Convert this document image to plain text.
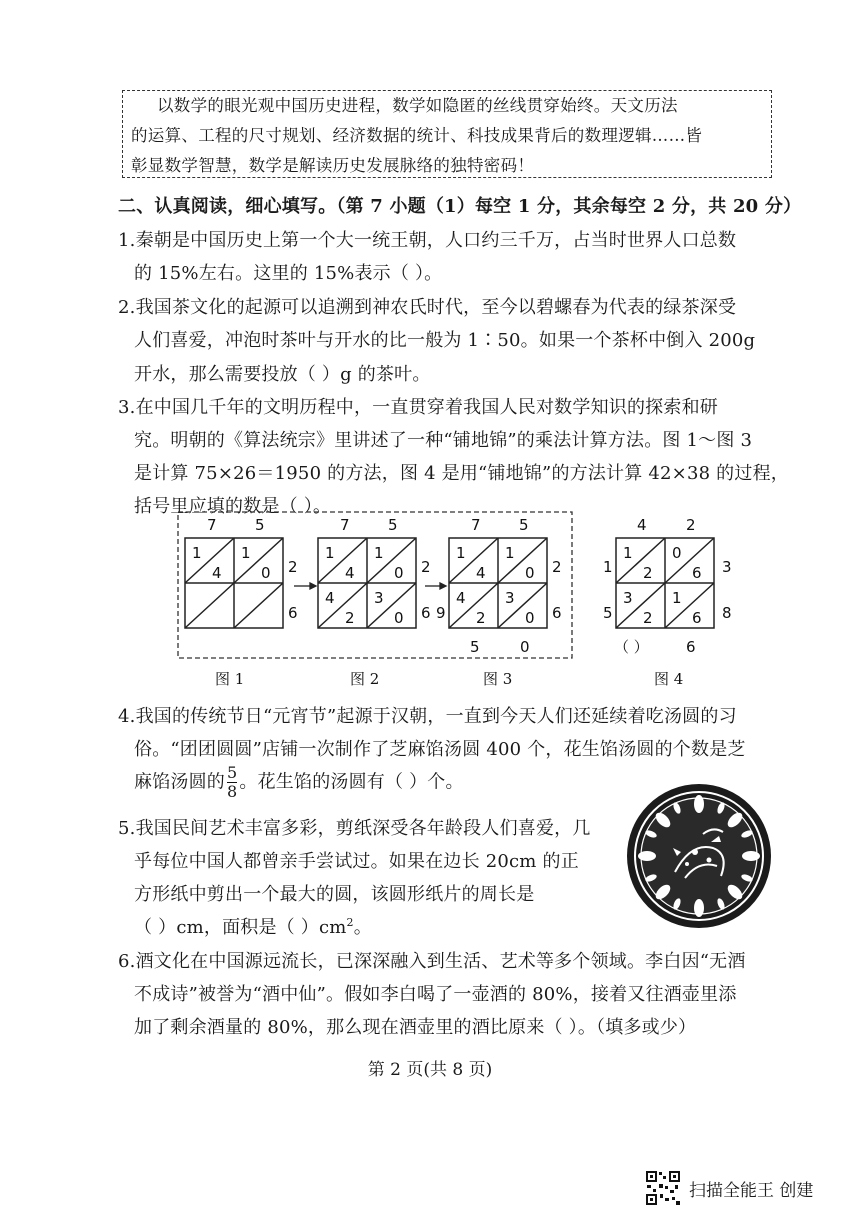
以数学的眼光观中国历史进程，数学如隐匿的丝线贯穿始终。天文历法

的运算、工程的尺寸规划、经济数据的统计、科技成果背后的数理逻辑……皆

彰显数学智慧，数学是解读历史发展脉络的独特密码！

二、认真阅读，细心填写。（第 7 小题（1）每空 1 分，其余每空 2 分，共 20 分）
1.秦朝是中国历史上第一个大一统王朝，人口约三千万，占当时世界人口总数
的 15%左右。这里的 15%表示（ ）。
2.我国茶文化的起源可以追溯到神农氏时代，至今以碧螺春为代表的绿茶深受
人们喜爱，冲泡时茶叶与开水的比一般为 1∶50。如果一个茶杯中倒入 200g
开水，那么需要投放（ ）g 的茶叶。
3.在中国几千年的文明历程中，一直贯穿着我国人民对数学知识的探索和研
究。明朝的《算法统宗》里讲述了一种“铺地锦”的乘法计算方法。图 1～图 3
是计算 75×26＝1950 的方法，图 4 是用“铺地锦”的方法计算 42×38 的过程，
括号里应填的数是（ ）。
7	5
2
6
1
4
1
0
7	5
2
6
1
4
1
0
4
2
3
0
7	5
2
6
9
1
4
1
0
4
2
3
0
5	0
4	2
3
8
1
5
1
2
0
6
3
2
1
6
（ ） 6
图 1	图 2	图 3	图 4
4.我国的传统节日“元宵节”起源于汉朝，一直到今天人们还延续着吃汤圆的习
俗。“团团圆圆”店铺一次制作了芝麻馅汤圆 400 个，花生馅汤圆的个数是芝
麻馅汤圆的 $\frac{5}{8}$ 。花生馅的汤圆有（ ）个。
5.我国民间艺术丰富多彩，剪纸深受各年龄段人们喜爱，几
乎每位中国人都曾亲手尝试过。如果在边长 20cm 的正
方形纸中剪出一个最大的圆，该圆形纸片的周长是
（ ）cm，面积是（ ）$cm^2$。
6.酒文化在中国源远流长，已深深融入到生活、艺术等多个领域。李白因“无酒
不成诗”被誉为“酒中仙”。假如李白喝了一壶酒的 80%，接着又往酒壶里添
加了剩余酒量的 80%，那么现在酒壶里的酒比原来（ ）。（填多或少）
第 2 页(共 8 页)
扫描全能王 创建
